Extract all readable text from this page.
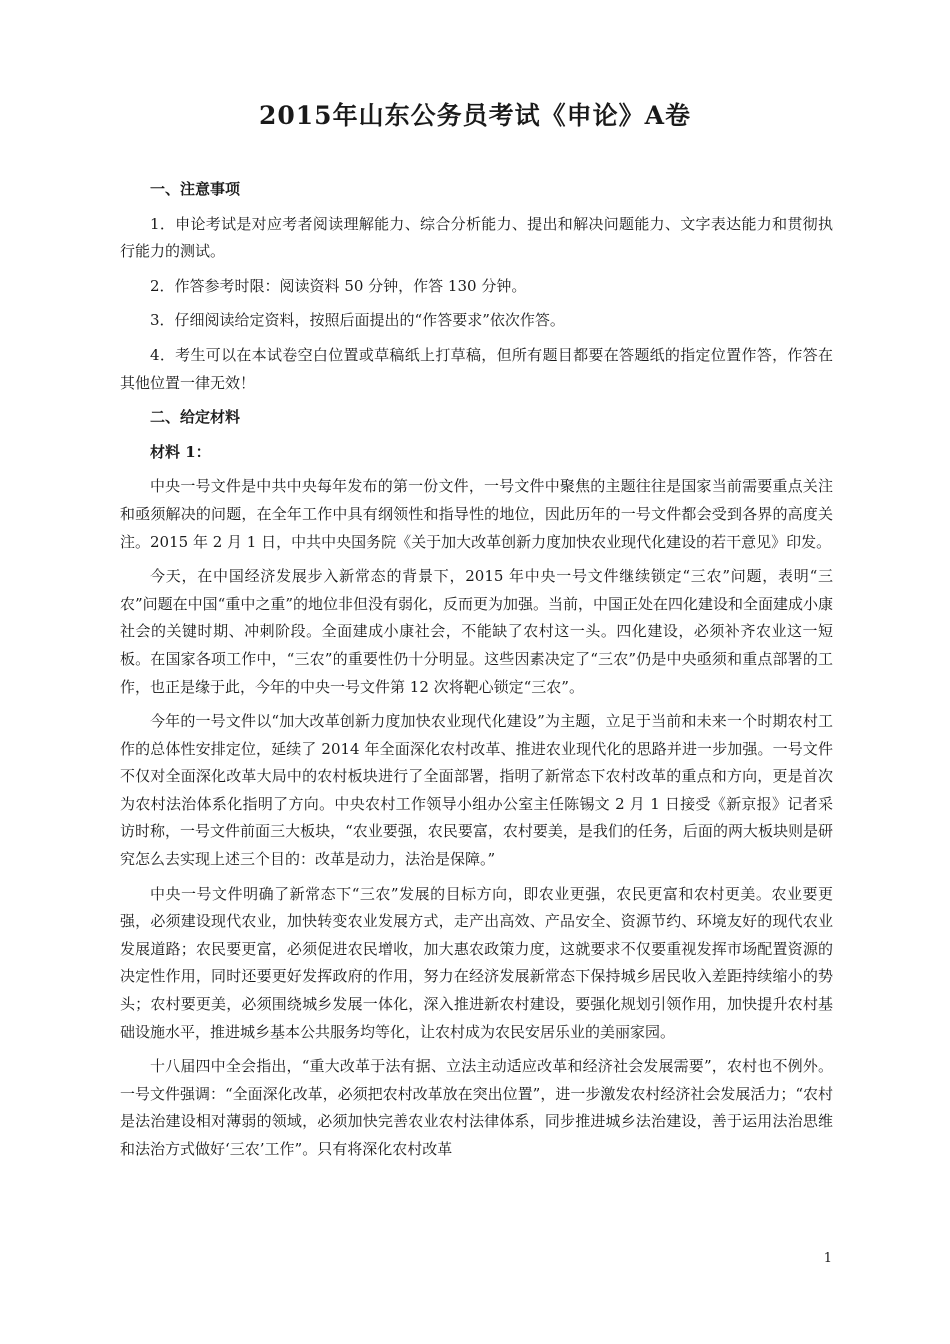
2015年山东公务员考试《申论》A卷

一、注意事项

1．申论考试是对应考者阅读理解能力、综合分析能力、提出和解决问题能力、文字表达能力和贯彻执行能力的测试。

2．作答参考时限：阅读资料 50 分钟，作答 130 分钟。

3．仔细阅读给定资料，按照后面提出的“作答要求”依次作答。

4．考生可以在本试卷空白位置或草稿纸上打草稿，但所有题目都要在答题纸的指定位置作答，作答在其他位置一律无效！

二、给定材料

材料 1：

中央一号文件是中共中央每年发布的第一份文件，一号文件中聚焦的主题往往是国家当前需要重点关注和亟须解决的问题，在全年工作中具有纲领性和指导性的地位，因此历年的一号文件都会受到各界的高度关注。2015 年 2 月 1 日，中共中央国务院《关于加大改革创新力度加快农业现代化建设的若干意见》印发。

今天，在中国经济发展步入新常态的背景下，2015 年中央一号文件继续锁定“三农”问题，表明“三农”问题在中国“重中之重”的地位非但没有弱化，反而更为加强。当前，中国正处在四化建设和全面建成小康社会的关键时期、冲刺阶段。全面建成小康社会，不能缺了农村这一头。四化建设，必须补齐农业这一短板。在国家各项工作中，“三农”的重要性仍十分明显。这些因素决定了“三农”仍是中央亟须和重点部署的工作，也正是缘于此，今年的中央一号文件第 12 次将靶心锁定“三农”。

今年的一号文件以“加大改革创新力度加快农业现代化建设”为主题，立足于当前和未来一个时期农村工作的总体性安排定位，延续了 2014 年全面深化农村改革、推进农业现代化的思路并进一步加强。一号文件不仅对全面深化改革大局中的农村板块进行了全面部署，指明了新常态下农村改革的重点和方向，更是首次为农村法治体系化指明了方向。中央农村工作领导小组办公室主任陈锡文 2 月 1 日接受《新京报》记者采访时称，一号文件前面三大板块，“农业要强，农民要富，农村要美，是我们的任务，后面的两大板块则是研究怎么去实现上述三个目的：改革是动力，法治是保障。”

中央一号文件明确了新常态下“三农”发展的目标方向，即农业更强，农民更富和农村更美。农业要更强，必须建设现代农业，加快转变农业发展方式，走产出高效、产品安全、资源节约、环境友好的现代农业发展道路；农民要更富，必须促进农民增收，加大惠农政策力度，这就要求不仅要重视发挥市场配置资源的决定性作用，同时还要更好发挥政府的作用，努力在经济发展新常态下保持城乡居民收入差距持续缩小的势头；农村要更美，必须围绕城乡发展一体化，深入推进新农村建设，要强化规划引领作用，加快提升农村基础设施水平，推进城乡基本公共服务均等化，让农村成为农民安居乐业的美丽家园。

十八届四中全会指出，“重大改革于法有据、立法主动适应改革和经济社会发展需要”，农村也不例外。一号文件强调：“全面深化改革，必须把农村改革放在突出位置”，进一步激发农村经济社会发展活力；“农村是法治建设相对薄弱的领域，必须加快完善农业农村法律体系，同步推进城乡法治建设，善于运用法治思维和法治方式做好‘三农’工作”。只有将深化农村改革

1
